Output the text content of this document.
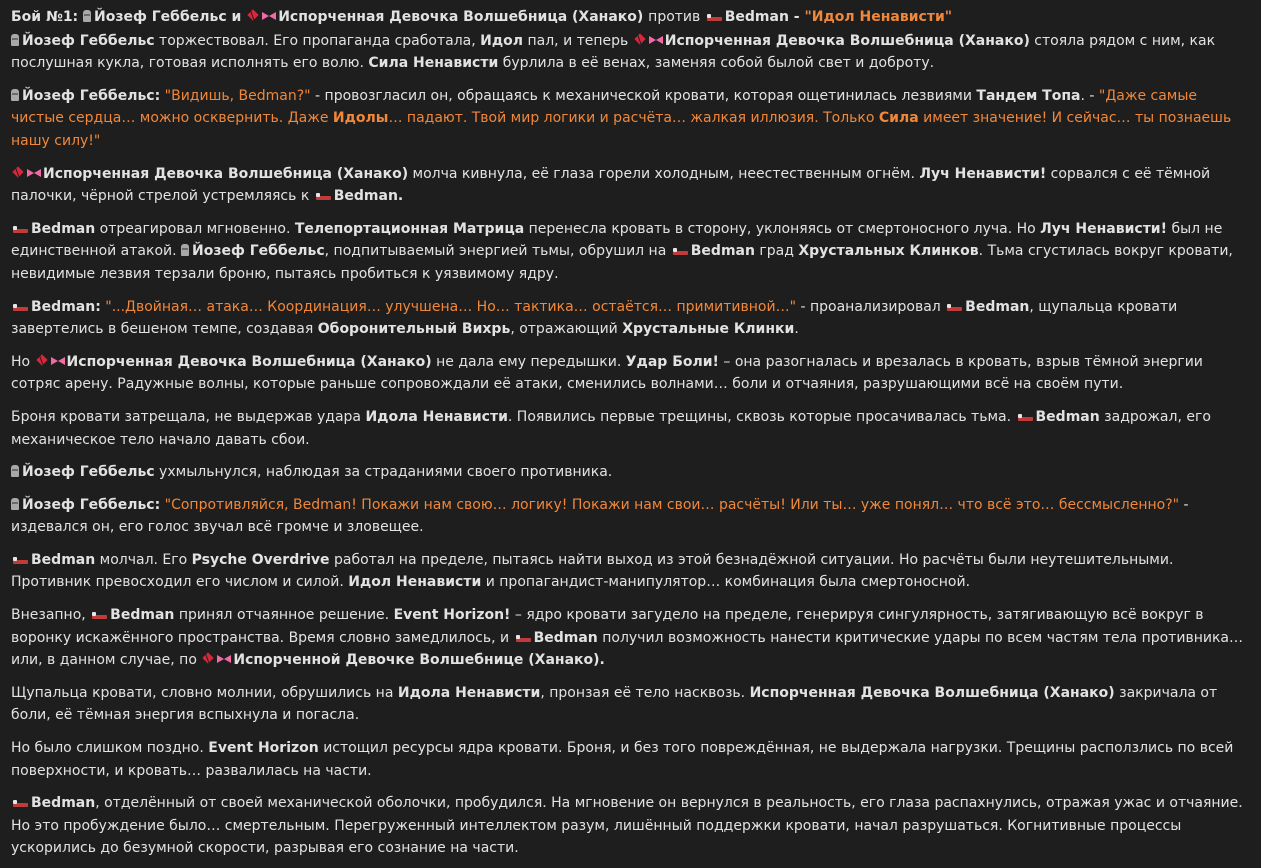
Бой №1: Йозеф Геббельс и Испорченная Девочка Волшебница (Ханако) против Bedman - "Идол Ненависти"
Йозеф Геббельс торжествовал. Его пропаганда сработала, Идол пал, и теперь Испорченная Девочка Волшебница (Ханако) стояла рядом с ним, как послушная кукла, готовая исполнять его волю. Сила Ненависти бурлила в её венах, заменяя собой былой свет и доброту.
Йозеф Геббельс: "Видишь, Bedman?" - провозгласил он, обращаясь к механической кровати, которая ощетинилась лезвиями Тандем Топа. - "Даже самые чистые сердца… можно осквернить. Даже Идолы… падают. Твой мир логики и расчёта… жалкая иллюзия. Только Сила имеет значение! И сейчас… ты познаешь нашу силу!"
Испорченная Девочка Волшебница (Ханако) молча кивнула, её глаза горели холодным, неестественным огнём. Луч Ненависти! сорвался с её тёмной палочки, чёрной стрелой устремляясь к Bedman.
Bedman отреагировал мгновенно. Телепортационная Матрица перенесла кровать в сторону, уклоняясь от смертоносного луча. Но Луч Ненависти! был не единственной атакой. Йозеф Геббельс, подпитываемый энергией тьмы, обрушил на Bedman град Хрустальных Клинков. Тьма сгустилась вокруг кровати, невидимые лезвия терзали броню, пытаясь пробиться к уязвимому ядру.
Bedman: "...Двойная… атака… Координация… улучшена… Но… тактика… остаётся… примитивной…" - проанализировал Bedman, щупальца кровати завертелись в бешеном темпе, создавая Оборонительный Вихрь, отражающий Хрустальные Клинки.
Но Испорченная Девочка Волшебница (Ханако) не дала ему передышки. Удар Боли! – она разогналась и врезалась в кровать, взрыв тёмной энергии сотряс арену. Радужные волны, которые раньше сопровождали её атаки, сменились волнами… боли и отчаяния, разрушающими всё на своём пути.
Броня кровати затрещала, не выдержав удара Идола Ненависти. Появились первые трещины, сквозь которые просачивалась тьма. Bedman задрожал, его механическое тело начало давать сбои.
Йозеф Геббельс ухмыльнулся, наблюдая за страданиями своего противника.
Йозеф Геббельс: "Сопротивляйся, Bedman! Покажи нам свою… логику! Покажи нам свои… расчёты! Или ты… уже понял… что всё это… бессмысленно?" - издевался он, его голос звучал всё громче и зловещее.
Bedman молчал. Его Psyche Overdrive работал на пределе, пытаясь найти выход из этой безнадёжной ситуации. Но расчёты были неутешительными. Противник превосходил его числом и силой. Идол Ненависти и пропагандист-манипулятор… комбинация была смертоносной.
Внезапно, Bedman принял отчаянное решение. Event Horizon! – ядро кровати загудело на пределе, генерируя сингулярность, затягивающую всё вокруг в воронку искажённого пространства. Время словно замедлилось, и Bedman получил возможность нанести критические удары по всем частям тела противника… или, в данном случае, по Испорченной Девочке Волшебнице (Ханако).
Щупальца кровати, словно молнии, обрушились на Идола Ненависти, пронзая её тело насквозь. Испорченная Девочка Волшебница (Ханако) закричала от боли, её тёмная энергия вспыхнула и погасла.
Но было слишком поздно. Event Horizon истощил ресурсы ядра кровати. Броня, и без того повреждённая, не выдержала нагрузки. Трещины расползлись по всей поверхности, и кровать… развалилась на части.
Bedman, отделённый от своей механической оболочки, пробудился. На мгновение он вернулся в реальность, его глаза распахнулись, отражая ужас и отчаяние. Но это пробуждение было… смертельным. Перегруженный интеллектом разум, лишённый поддержки кровати, начал разрушаться. Когнитивные процессы ускорились до безумной скорости, разрывая его сознание на части.
